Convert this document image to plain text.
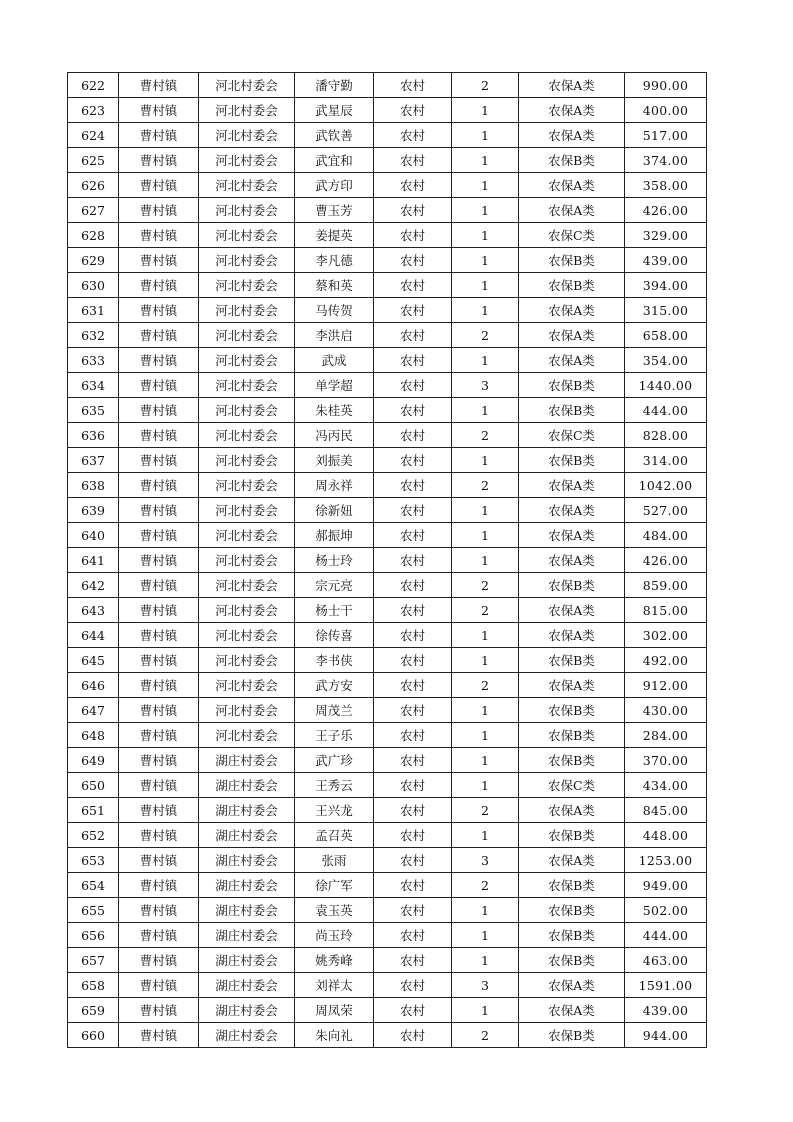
622	曹村镇	河北村委会	潘守勤	农村	2	农保A类	990.00
623	曹村镇	河北村委会	武星辰	农村	1	农保A类	400.00
624	曹村镇	河北村委会	武钦善	农村	1	农保A类	517.00
625	曹村镇	河北村委会	武宜和	农村	1	农保B类	374.00
626	曹村镇	河北村委会	武方印	农村	1	农保A类	358.00
627	曹村镇	河北村委会	曹玉芳	农村	1	农保A类	426.00
628	曹村镇	河北村委会	姜提英	农村	1	农保C类	329.00
629	曹村镇	河北村委会	李凡德	农村	1	农保B类	439.00
630	曹村镇	河北村委会	蔡和英	农村	1	农保B类	394.00
631	曹村镇	河北村委会	马传贺	农村	1	农保A类	315.00
632	曹村镇	河北村委会	李洪启	农村	2	农保A类	658.00
633	曹村镇	河北村委会	武成	农村	1	农保A类	354.00
634	曹村镇	河北村委会	单学超	农村	3	农保B类	1440.00
635	曹村镇	河北村委会	朱桂英	农村	1	农保B类	444.00
636	曹村镇	河北村委会	冯丙民	农村	2	农保C类	828.00
637	曹村镇	河北村委会	刘振美	农村	1	农保B类	314.00
638	曹村镇	河北村委会	周永祥	农村	2	农保A类	1042.00
639	曹村镇	河北村委会	徐新妞	农村	1	农保A类	527.00
640	曹村镇	河北村委会	郝振坤	农村	1	农保A类	484.00
641	曹村镇	河北村委会	杨士玲	农村	1	农保A类	426.00
642	曹村镇	河北村委会	宗元亮	农村	2	农保B类	859.00
643	曹村镇	河北村委会	杨士干	农村	2	农保A类	815.00
644	曹村镇	河北村委会	徐传喜	农村	1	农保A类	302.00
645	曹村镇	河北村委会	李书侠	农村	1	农保B类	492.00
646	曹村镇	河北村委会	武方安	农村	2	农保A类	912.00
647	曹村镇	河北村委会	周茂兰	农村	1	农保B类	430.00
648	曹村镇	河北村委会	王子乐	农村	1	农保B类	284.00
649	曹村镇	湖庄村委会	武广珍	农村	1	农保B类	370.00
650	曹村镇	湖庄村委会	王秀云	农村	1	农保C类	434.00
651	曹村镇	湖庄村委会	王兴龙	农村	2	农保A类	845.00
652	曹村镇	湖庄村委会	孟召英	农村	1	农保B类	448.00
653	曹村镇	湖庄村委会	张雨	农村	3	农保A类	1253.00
654	曹村镇	湖庄村委会	徐广军	农村	2	农保B类	949.00
655	曹村镇	湖庄村委会	袁玉英	农村	1	农保B类	502.00
656	曹村镇	湖庄村委会	尚玉玲	农村	1	农保B类	444.00
657	曹村镇	湖庄村委会	姚秀峰	农村	1	农保B类	463.00
658	曹村镇	湖庄村委会	刘祥太	农村	3	农保A类	1591.00
659	曹村镇	湖庄村委会	周凤荣	农村	1	农保A类	439.00
660	曹村镇	湖庄村委会	朱向礼	农村	2	农保B类	944.00
